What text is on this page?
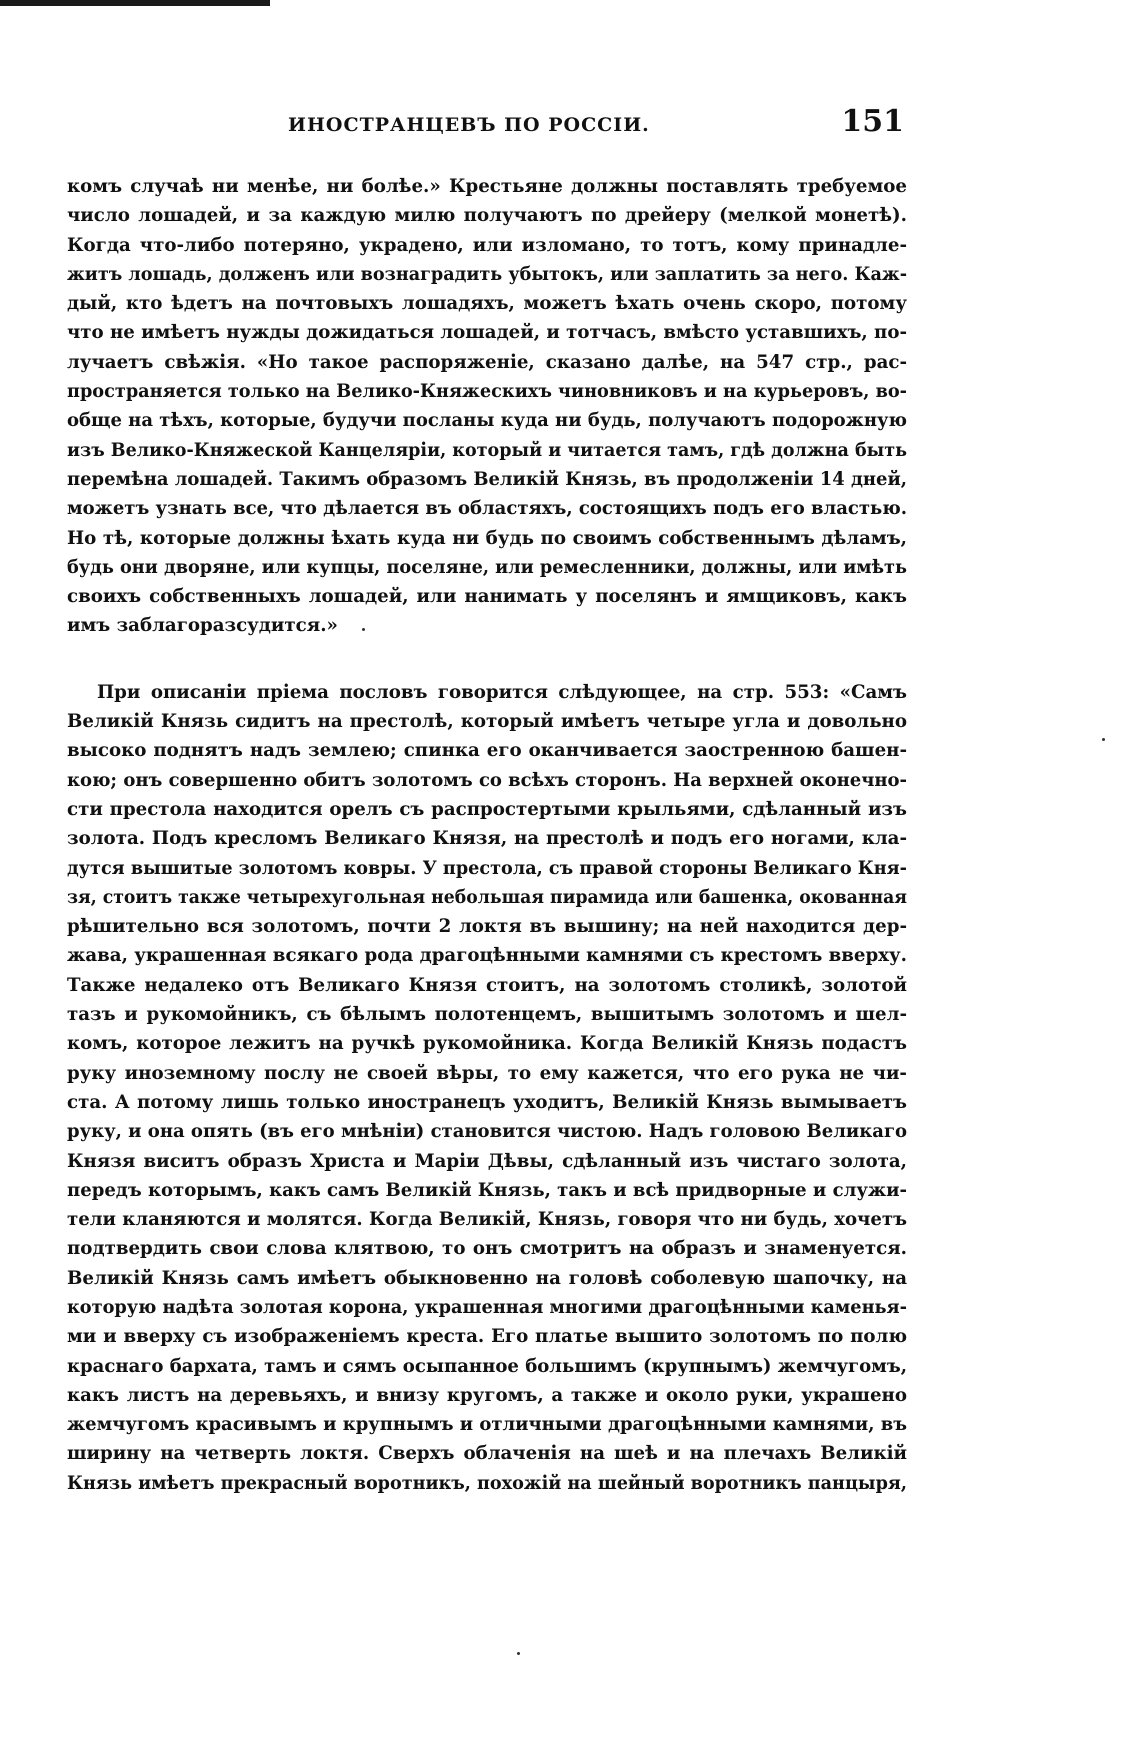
ИНОСТРАНЦЕВЪ ПО РОССІИ.	151
комъ случаѣ ни менѣе, ни болѣе.» Крестьяне должны поставлять требуемое
число лошадей, и за каждую милю получаютъ по дрейеру (мелкой монетѣ).
Когда что-либо потеряно, украдено, или изломано, то тотъ, кому принадле-
житъ лошадь, долженъ или вознаградить убытокъ, или заплатить за него. Каж-
дый, кто ѣдетъ на почтовыхъ лошадяхъ, можетъ ѣхать очень скоро, потому
что не имѣетъ нужды дожидаться лошадей, и тотчасъ, вмѣсто уставшихъ, по-
лучаетъ свѣжія. «Но такое распоряженіе, сказано далѣе, на 547 стр., рас-
пространяется только на Велико-Княжескихъ чиновниковъ и на курьеровъ, во-
обще на тѣхъ, которые, будучи посланы куда ни будь, получаютъ подорожную
изъ Велико-Княжеской Канцеляріи, который и читается тамъ, гдѣ должна быть
перемѣна лошадей. Такимъ образомъ Великій Князь, въ продолженіи 14 дней,
можетъ узнать все, что дѣлается въ областяхъ, состоящихъ подъ его властью.
Но тѣ, которые должны ѣхать куда ни будь по своимъ собственнымъ дѣламъ,
будь они дворяне, или купцы, поселяне, или ремесленники, должны, или имѣть
своихъ собственныхъ лошадей, или нанимать у поселянъ и ямщиковъ, какъ
имъ заблагоразсудится.»
При описаніи пріема пословъ говорится слѣдующее, на стр. 553: «Самъ
Великій Князь сидитъ на престолѣ, который имѣетъ четыре угла и довольно
высоко поднятъ надъ землею; спинка его оканчивается заостренною башен-
кою; онъ совершенно обитъ золотомъ со всѣхъ сторонъ. На верхней оконечно-
сти престола находится орелъ съ распростертыми крыльями, сдѣланный изъ
золота. Подъ кресломъ Великаго Князя, на престолѣ и подъ его ногами, кла-
дутся вышитые золотомъ ковры. У престола, съ правой стороны Великаго Кня-
зя, стоитъ также четырехугольная небольшая пирамида или башенка, окованная
рѣшительно вся золотомъ, почти 2 локтя въ вышину; на ней находится дер-
жава, украшенная всякаго рода драгоцѣнными камнями съ крестомъ вверху.
Также недалеко отъ Великаго Князя стоитъ, на золотомъ столикѣ, золотой
тазъ и рукомойникъ, съ бѣлымъ полотенцемъ, вышитымъ золотомъ и шел-
комъ, которое лежитъ на ручкѣ рукомойника. Когда Великій Князь подастъ
руку иноземному послу не своей вѣры, то ему кажется, что его рука не чи-
ста. А потому лишь только иностранецъ уходитъ, Великій Князь вымываетъ
руку, и она опять (въ его мнѣніи) становится чистою. Надъ головою Великаго
Князя виситъ образъ Христа и Маріи Дѣвы, сдѣланный изъ чистаго золота,
передъ которымъ, какъ самъ Великій Князь, такъ и всѣ придворные и служи-
тели кланяются и молятся. Когда Великій, Князь, говоря что ни будь, хочетъ
подтвердить свои слова клятвою, то онъ смотритъ на образъ и знаменуется.
Великій Князь самъ имѣетъ обыкновенно на головѣ соболевую шапочку, на
которую надѣта золотая корона, украшенная многими драгоцѣнными каменья-
ми и вверху съ изображеніемъ креста. Его платье вышито золотомъ по полю
краснаго бархата, тамъ и сямъ осыпанное большимъ (крупнымъ) жемчугомъ,
какъ листъ на деревьяхъ, и внизу кругомъ, а также и около руки, украшено
жемчугомъ красивымъ и крупнымъ и отличными драгоцѣнными камнями, въ
ширину на четверть локтя. Сверхъ облаченія на шеѣ и на плечахъ Великій
Князь имѣетъ прекрасный воротникъ, похожій на шейный воротникъ панцыря,
